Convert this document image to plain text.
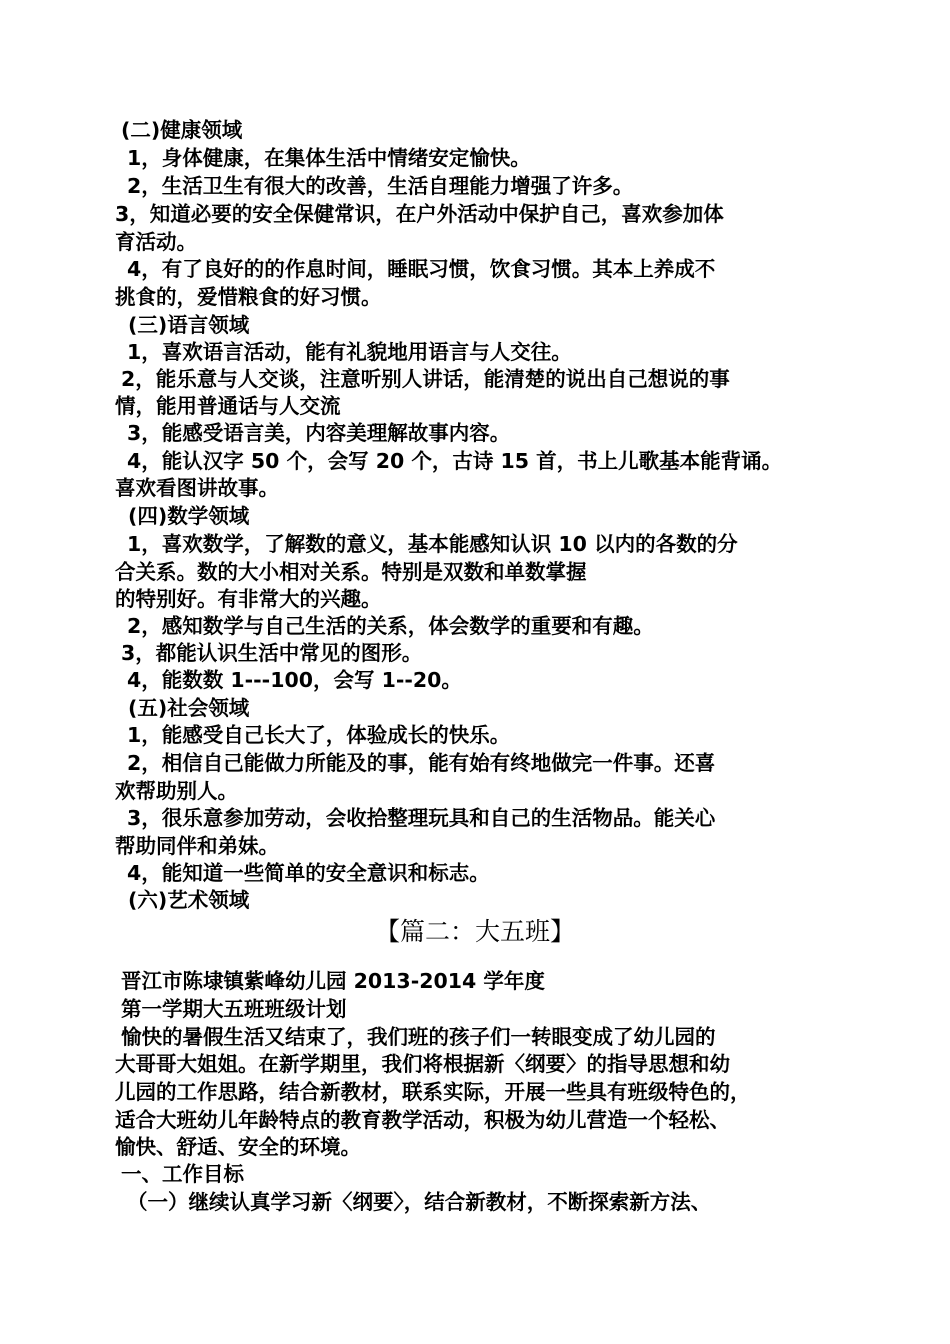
(二)健康领域
1，身体健康，在集体生活中情绪安定愉快。
2，生活卫生有很大的改善，生活自理能力增强了许多。
3，知道必要的安全保健常识，在户外活动中保护自己，喜欢参加体
育活动。
4，有了良好的的作息时间，睡眠习惯，饮食习惯。其本上养成不
挑食的，爱惜粮食的好习惯。
(三)语言领域
1，喜欢语言活动，能有礼貌地用语言与人交往。
2，能乐意与人交谈，注意听别人讲话，能清楚的说出自己想说的事
情，能用普通话与人交流
3，能感受语言美，内容美理解故事内容。
4，能认汉字 50 个，会写 20 个，古诗 15 首，书上儿歌基本能背诵。
喜欢看图讲故事。
(四)数学领域
1，喜欢数学，了解数的意义，基本能感知认识 10 以内的各数的分
合关系。数的大小相对关系。特别是双数和单数掌握
的特别好。有非常大的兴趣。
2，感知数学与自己生活的关系，体会数学的重要和有趣。
3，都能认识生活中常见的图形。
4，能数数 1---100，会写 1--20。
(五)社会领域
1，能感受自己长大了，体验成长的快乐。
2，相信自己能做力所能及的事，能有始有终地做完一件事。还喜
欢帮助别人。
3，很乐意参加劳动，会收拾整理玩具和自己的生活物品。能关心
帮助同伴和弟妹。
4，能知道一些简单的安全意识和标志。
(六)艺术领域
【篇二：大五班】
晋江市陈埭镇紫峰幼儿园 2013-2014 学年度
第一学期大五班班级计划
愉快的暑假生活又结束了，我们班的孩子们一转眼变成了幼儿园的
大哥哥大姐姐。在新学期里，我们将根据新〈纲要〉的指导思想和幼
儿园的工作思路，结合新教材，联系实际，开展一些具有班级特色的，
适合大班幼儿年龄特点的教育教学活动，积极为幼儿营造一个轻松、
愉快、舒适、安全的环境。
一、工作目标
（一）继续认真学习新〈纲要〉，结合新教材，不断探索新方法、
